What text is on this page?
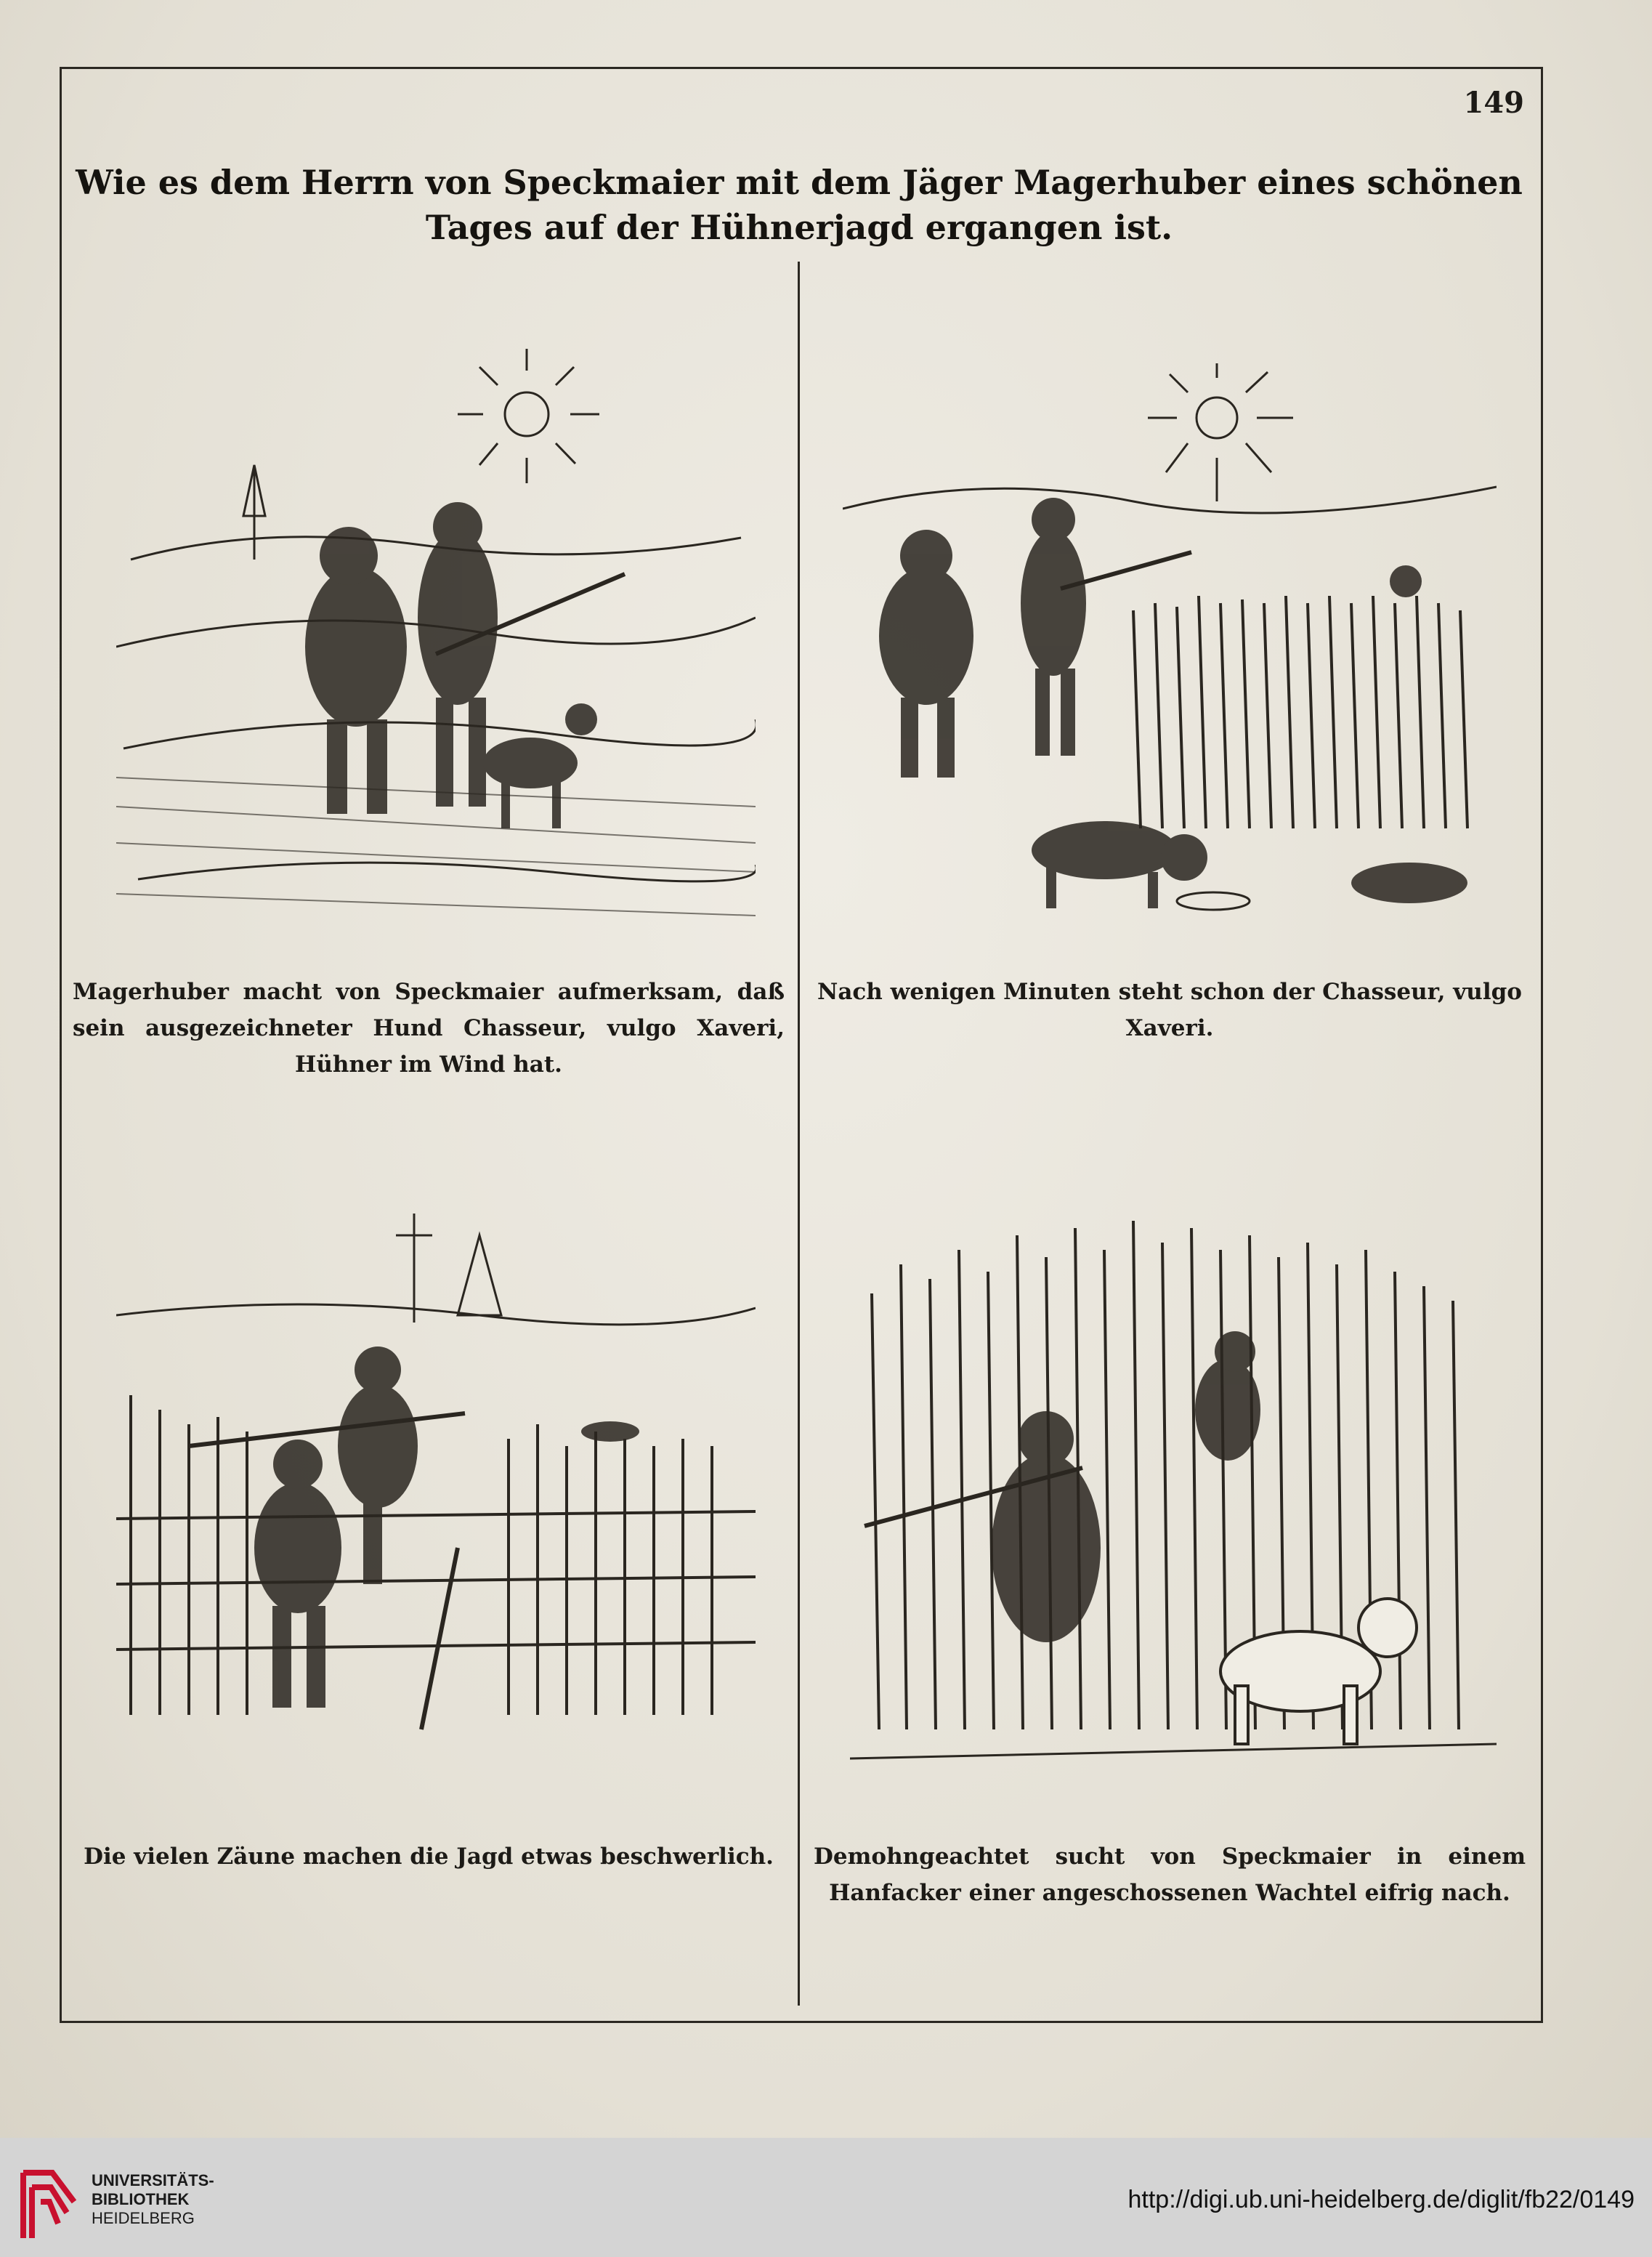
149
Wie es dem Herrn von Speckmaier mit dem Jäger Magerhuber eines schönen Tages auf der Hühnerjagd ergangen ist.
Magerhuber macht von Speckmaier aufmerksam, daß sein ausgezeichneter Hund Chasseur, vulgo Xaveri, Hühner im Wind hat.
Nach wenigen Minuten steht schon der Chasseur, vulgo Xaveri.
Die vielen Zäune machen die Jagd etwas beschwerlich.	Demohngeachtet sucht von Speckmaier in einem Hanfacker einer angeschossenen Wachtel eifrig nach.
UNIVERSITÄTS-
BIBLIOTHEK
HEIDELBERG
http://digi.ub.uni-heidelberg.de/diglit/fb22/0149
